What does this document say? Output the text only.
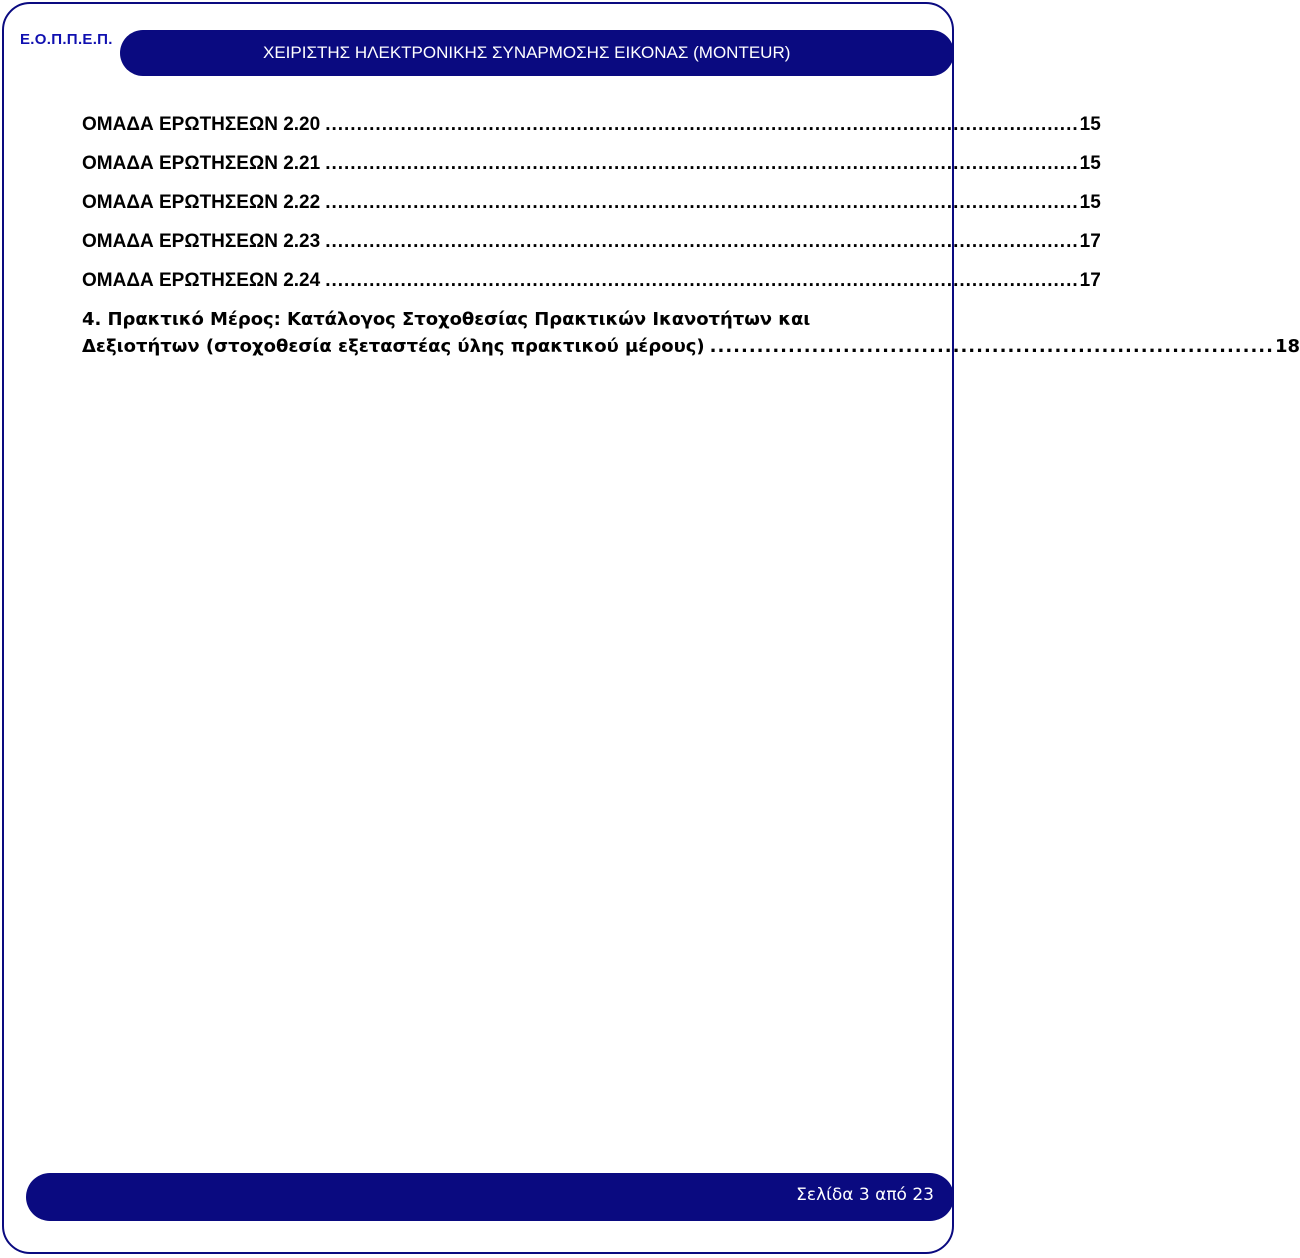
Ε.Ο.Π.Π.Ε.Π.
ΧΕΙΡΙΣΤΗΣ ΗΛΕΚΤΡΟΝΙΚΗΣ ΣΥΝΑΡΜΟΣΗΣ ΕΙΚΟΝΑΣ (MONTEUR)
ΟΜΑΔΑ ΕΡΩΤΗΣΕΩΝ 2.20 ........................................................................................................................ 15
ΟΜΑΔΑ ΕΡΩΤΗΣΕΩΝ 2.21 ........................................................................................................................ 15
ΟΜΑΔΑ ΕΡΩΤΗΣΕΩΝ 2.22 ........................................................................................................................ 15
ΟΜΑΔΑ ΕΡΩΤΗΣΕΩΝ 2.23 ........................................................................................................................ 17
ΟΜΑΔΑ ΕΡΩΤΗΣΕΩΝ 2.24 ........................................................................................................................ 17
4. Πρακτικό Μέρος: Κατάλογος Στοχοθεσίας Πρακτικών Ικανοτήτων και
Δεξιοτήτων (στοχοθεσία εξεταστέας ύλης πρακτικού μέρους) ........................................................................ 18
Σελίδα 3 από 23
